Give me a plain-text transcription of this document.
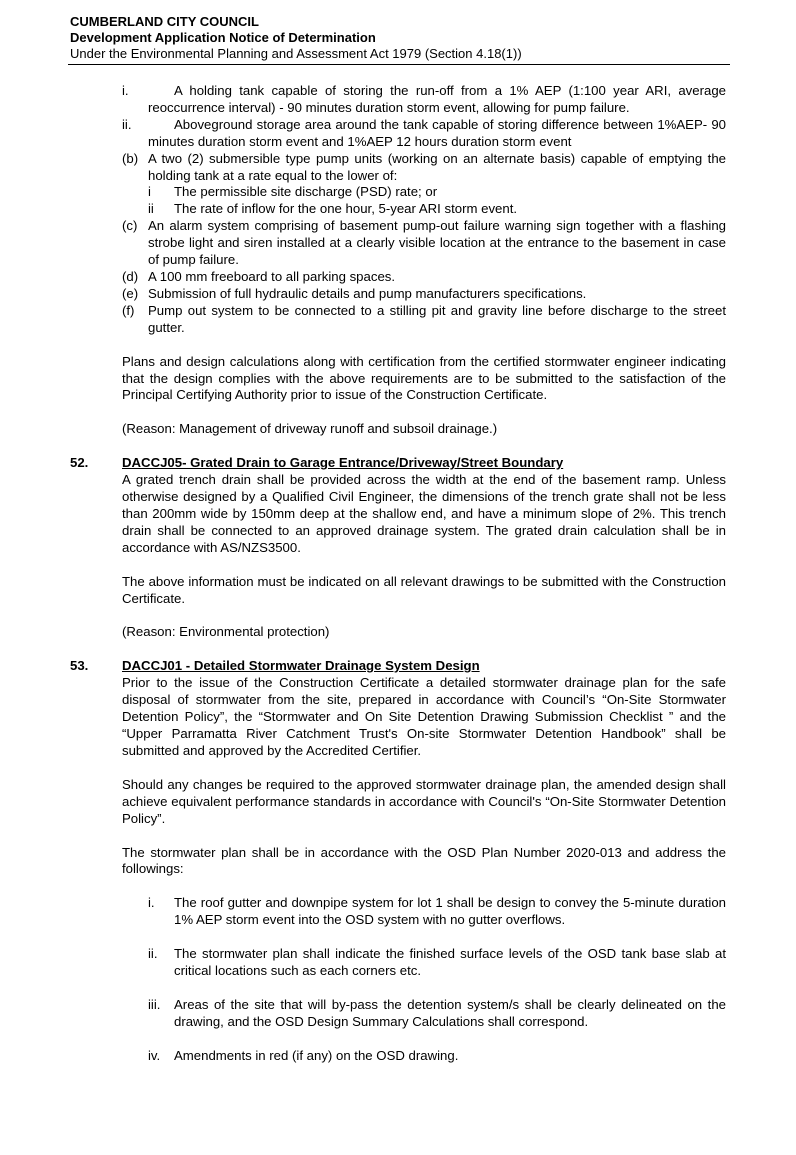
CUMBERLAND CITY COUNCIL
Development Application Notice of Determination
Under the Environmental Planning and Assessment Act 1979 (Section 4.18(1))
i.	A holding tank capable of storing the run-off from a 1% AEP (1:100 year ARI, average reoccurrence interval) - 90 minutes duration storm event, allowing for pump failure.
ii.	Aboveground storage area around the tank capable of storing difference between 1%AEP- 90 minutes duration storm event and 1%AEP 12 hours duration storm event
(b) A two (2) submersible type pump units (working on an alternate basis) capable of emptying the holding tank at a rate equal to the lower of:
i The permissible site discharge (PSD) rate; or
ii The rate of inflow for the one hour, 5-year ARI storm event.
(c) An alarm system comprising of basement pump-out failure warning sign together with a flashing strobe light and siren installed at a clearly visible location at the entrance to the basement in case of pump failure.
(d) A 100 mm freeboard to all parking spaces.
(e) Submission of full hydraulic details and pump manufacturers specifications.
(f) Pump out system to be connected to a stilling pit and gravity line before discharge to the street gutter.
Plans and design calculations along with certification from the certified stormwater engineer indicating that the design complies with the above requirements are to be submitted to the satisfaction of the Principal Certifying Authority prior to issue of the Construction Certificate.
(Reason: Management of driveway runoff and subsoil drainage.)
52.	DACCJ05- Grated Drain to Garage Entrance/Driveway/Street Boundary
A grated trench drain shall be provided across the width at the end of the basement ramp. Unless otherwise designed by a Qualified Civil Engineer, the dimensions of the trench grate shall not be less than 200mm wide by 150mm deep at the shallow end, and have a minimum slope of 2%. This trench drain shall be connected to an approved drainage system. The grated drain calculation shall be in accordance with AS/NZS3500.
The above information must be indicated on all relevant drawings to be submitted with the Construction Certificate.
(Reason: Environmental protection)
53.	DACCJ01 - Detailed Stormwater Drainage System Design
Prior to the issue of the Construction Certificate a detailed stormwater drainage plan for the safe disposal of stormwater from the site, prepared in accordance with Council’s “On-Site Stormwater Detention Policy”, the “Stormwater and On Site Detention Drawing Submission Checklist ” and the “Upper Parramatta River Catchment Trust's On-site Stormwater Detention Handbook” shall be submitted and approved by the Accredited Certifier.
Should any changes be required to the approved stormwater drainage plan, the amended design shall achieve equivalent performance standards in accordance with Council's “On-Site Stormwater Detention Policy”.
The stormwater plan shall be in accordance with the OSD Plan Number 2020-013 and address the followings:
i. The roof gutter and downpipe system for lot 1 shall be design to convey the 5-minute duration 1% AEP storm event into the OSD system with no gutter overflows.
ii. The stormwater plan shall indicate the finished surface levels of the OSD tank base slab at critical locations such as each corners etc.
iii. Areas of the site that will by-pass the detention system/s shall be clearly delineated on the drawing, and the OSD Design Summary Calculations shall correspond.
iv. Amendments in red (if any) on the OSD drawing.
